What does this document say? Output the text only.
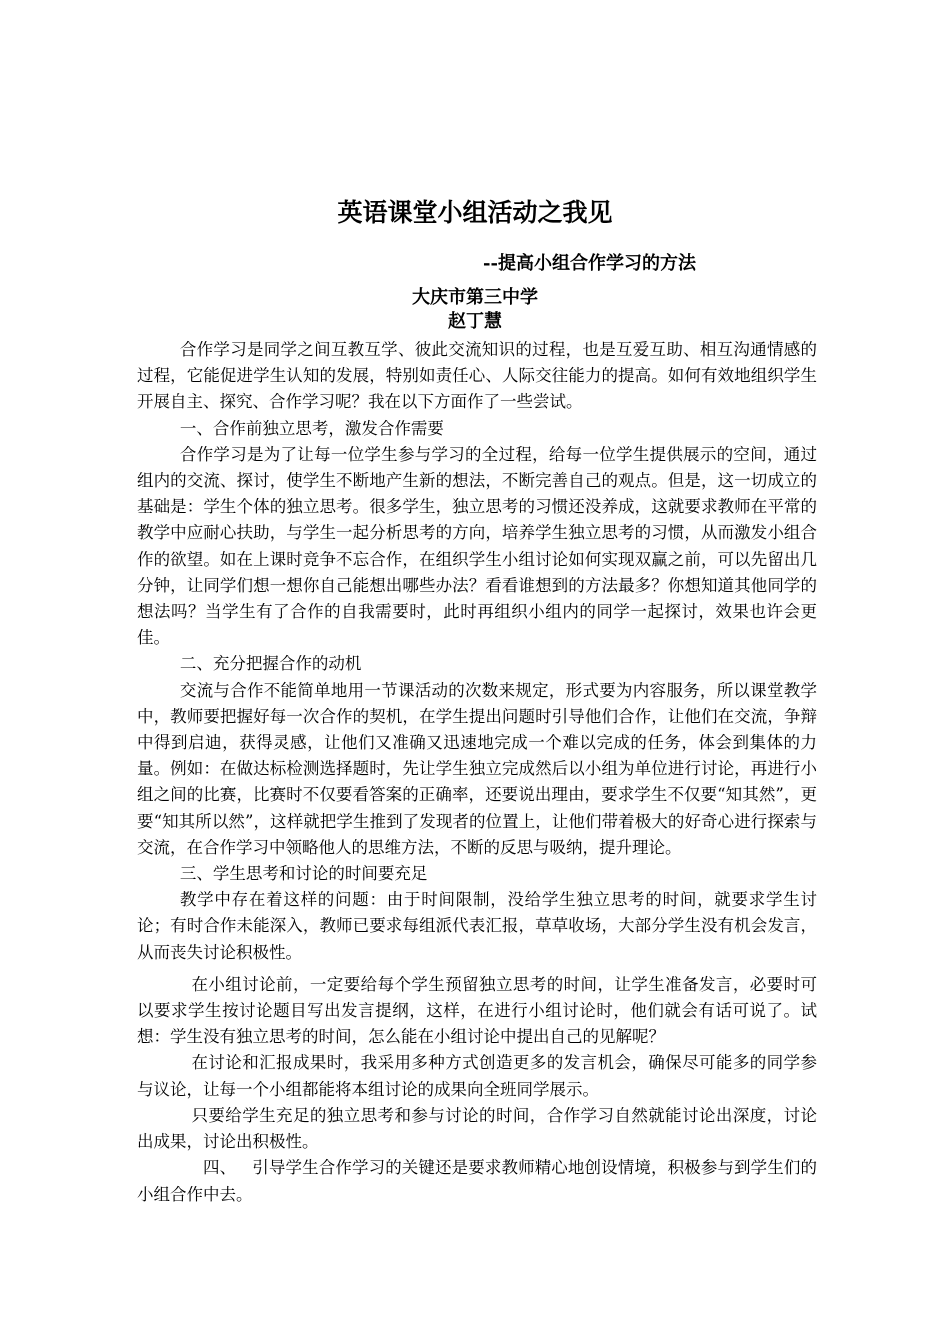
英语课堂小组活动之我见
--提高小组合作学习的方法
大庆市第三中学
赵丁慧

合作学习是同学之间互教互学、彼此交流知识的过程，也是互爱互助、相互沟通情感的过程，它能促进学生认知的发展，特别如责任心、人际交往能力的提高。如何有效地组织学生开展自主、探究、合作学习呢？我在以下方面作了一些尝试。

一、合作前独立思考，激发合作需要

合作学习是为了让每一位学生参与学习的全过程，给每一位学生提供展示的空间，通过组内的交流、探讨，使学生不断地产生新的想法，不断完善自己的观点。但是，这一切成立的基础是：学生个体的独立思考。很多学生，独立思考的习惯还没养成，这就要求教师在平常的教学中应耐心扶助，与学生一起分析思考的方向，培养学生独立思考的习惯，从而激发小组合作的欲望。如在上课时竞争不忘合作，在组织学生小组讨论如何实现双赢之前，可以先留出几分钟，让同学们想一想你自己能想出哪些办法？看看谁想到的方法最多？你想知道其他同学的想法吗？当学生有了合作的自我需要时，此时再组织小组内的同学一起探讨，效果也许会更佳。

二、充分把握合作的动机

交流与合作不能简单地用一节课活动的次数来规定，形式要为内容服务，所以课堂教学中，教师要把握好每一次合作的契机，在学生提出问题时引导他们合作，让他们在交流，争辩中得到启迪，获得灵感，让他们又准确又迅速地完成一个难以完成的任务，体会到集体的力量。例如：在做达标检测选择题时，先让学生独立完成然后以小组为单位进行讨论，再进行小组之间的比赛，比赛时不仅要看答案的正确率，还要说出理由，要求学生不仅要“知其然”，更要“知其所以然”，这样就把学生推到了发现者的位置上，让他们带着极大的好奇心进行探索与交流，在合作学习中领略他人的思维方法，不断的反思与吸纳，提升理论。

三、学生思考和讨论的时间要充足

教学中存在着这样的问题：由于时间限制，没给学生独立思考的时间，就要求学生讨论；有时合作未能深入，教师已要求每组派代表汇报，草草收场，大部分学生没有机会发言，从而丧失讨论积极性。

在小组讨论前，一定要给每个学生预留独立思考的时间，让学生准备发言，必要时可以要求学生按讨论题目写出发言提纲，这样，在进行小组讨论时，他们就会有话可说了。试想：学生没有独立思考的时间，怎么能在小组讨论中提出自己的见解呢？

在讨论和汇报成果时，我采用多种方式创造更多的发言机会，确保尽可能多的同学参与议论，让每一个小组都能将本组讨论的成果向全班同学展示。

只要给学生充足的独立思考和参与讨论的时间，合作学习自然就能讨论出深度，讨论出成果，讨论出积极性。

四、   引导学生合作学习的关键还是要求教师精心地创设情境，积极参与到学生们的小组合作中去。
